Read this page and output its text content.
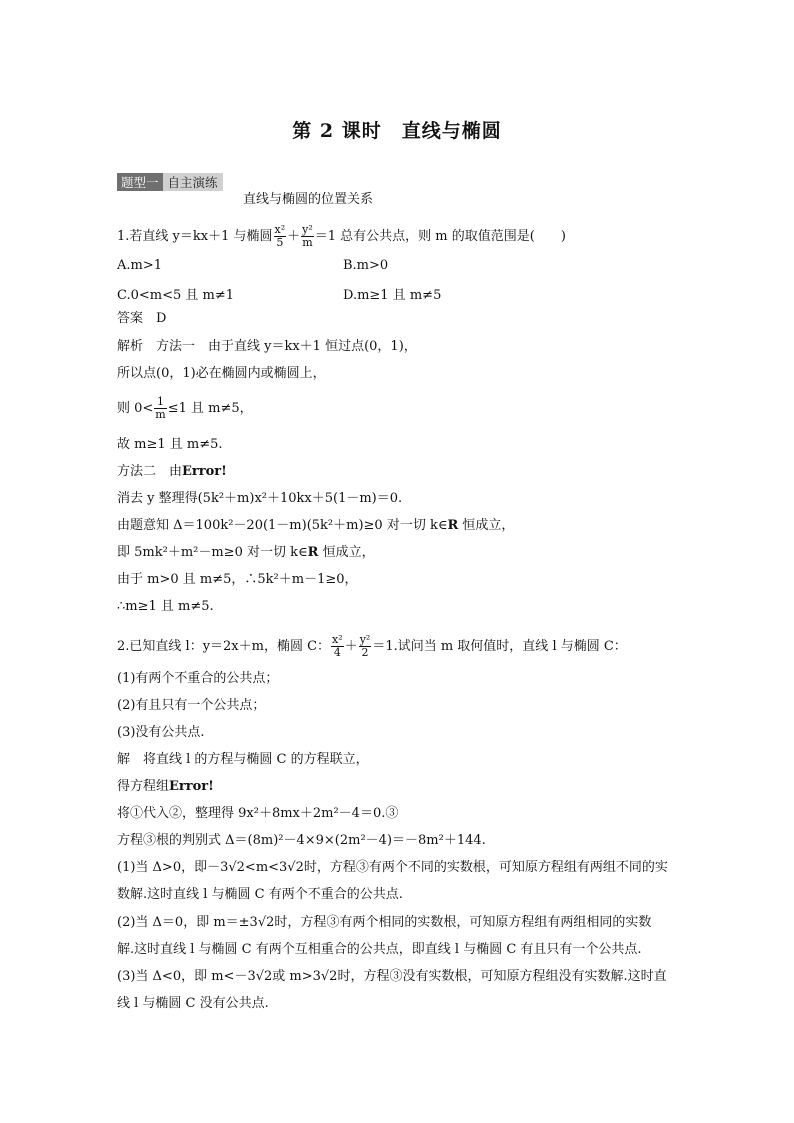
第 2 课时　直线与椭圆
题型一 自主演练
直线与椭圆的位置关系
1.若直线 y＝kx＋1 与椭圆 $\frac{\text{x²}}{5} + \frac{\text{y²}}{m} =1$ 总有公共点，则 m 的取值范围是(　　)
A.m>1	B.m>0
C.0<m<5 且 m≠1	D.m≥1 且 m≠5
答案　D
解析　方法一　由于直线 y＝kx＋1 恒过点(0，1)，
所以点(0，1)必在椭圆内或椭圆上，
则 $0< \frac{1}{m} \le 1$ 且 m≠5，
故 m≥1 且 m≠5.
方法二　由Error!
消去 y 整理得(5k²＋m)x²＋10kx＋5(1－m)＝0.
由题意知 Δ＝100k²－20(1－m)(5k²＋m)≥0 对一切 k∈R 恒成立，
即 5mk²＋m²－m≥0 对一切 k∈R 恒成立，
由于 m>0 且 m≠5，∴5k²＋m－1≥0，
∴m≥1 且 m≠5.
2.已知直线 l：y＝2x＋m，椭圆 C： $\frac{\text{x²}}{4} + \frac{\text{y²}}{2} =1$.试问当 m 取何值时，直线 l 与椭圆 C：
(1)有两个不重合的公共点；
(2)有且只有一个公共点；
(3)没有公共点.
解　将直线 l 的方程与椭圆 C 的方程联立，
得方程组Error!
将①代入②，整理得 9x²＋8mx＋2m²－4＝0.③
方程③根的判别式 Δ＝(8m)²－4×9×(2m²－4)＝－8m²＋144.
(1)当 Δ>0，即－3√2<m<3√2时，方程③有两个不同的实数根，可知原方程组有两组不同的实
数解.这时直线 l 与椭圆 C 有两个不重合的公共点.
(2)当 Δ＝0，即 m＝±3√2时，方程③有两个相同的实数根，可知原方程组有两组相同的实数
解.这时直线 l 与椭圆 C 有两个互相重合的公共点，即直线 l 与椭圆 C 有且只有一个公共点.
(3)当 Δ<0，即 m<－3√2或 m>3√2时，方程③没有实数根，可知原方程组没有实数解.这时直
线 l 与椭圆 C 没有公共点.
